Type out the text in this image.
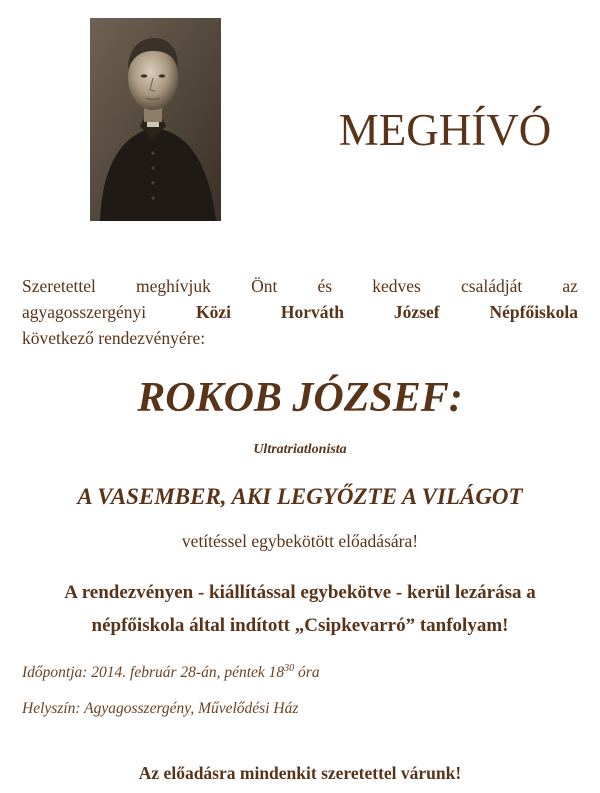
MEGHÍVÓ
Szeretettel meghívjuk Önt és kedves családját az
agyagosszergényi	Közi	Horváth	József	Népfőiskola
következő rendezvényére:
ROKOB JÓZSEF:
Ultratriatlonista
A VASEMBER, AKI LEGYŐZTE A VILÁGOT
vetítéssel egybekötött előadására!
A rendezvényen - kiállítással egybekötve - kerül lezárása a
népfőiskola által indított „Csipkevarró” tanfolyam!
Időpontja: 2014. február 28-án, péntek $18^{30}$ óra
Helyszín: Agyagosszergény, Művelődési Ház
Az előadásra mindenkit szeretettel várunk!
